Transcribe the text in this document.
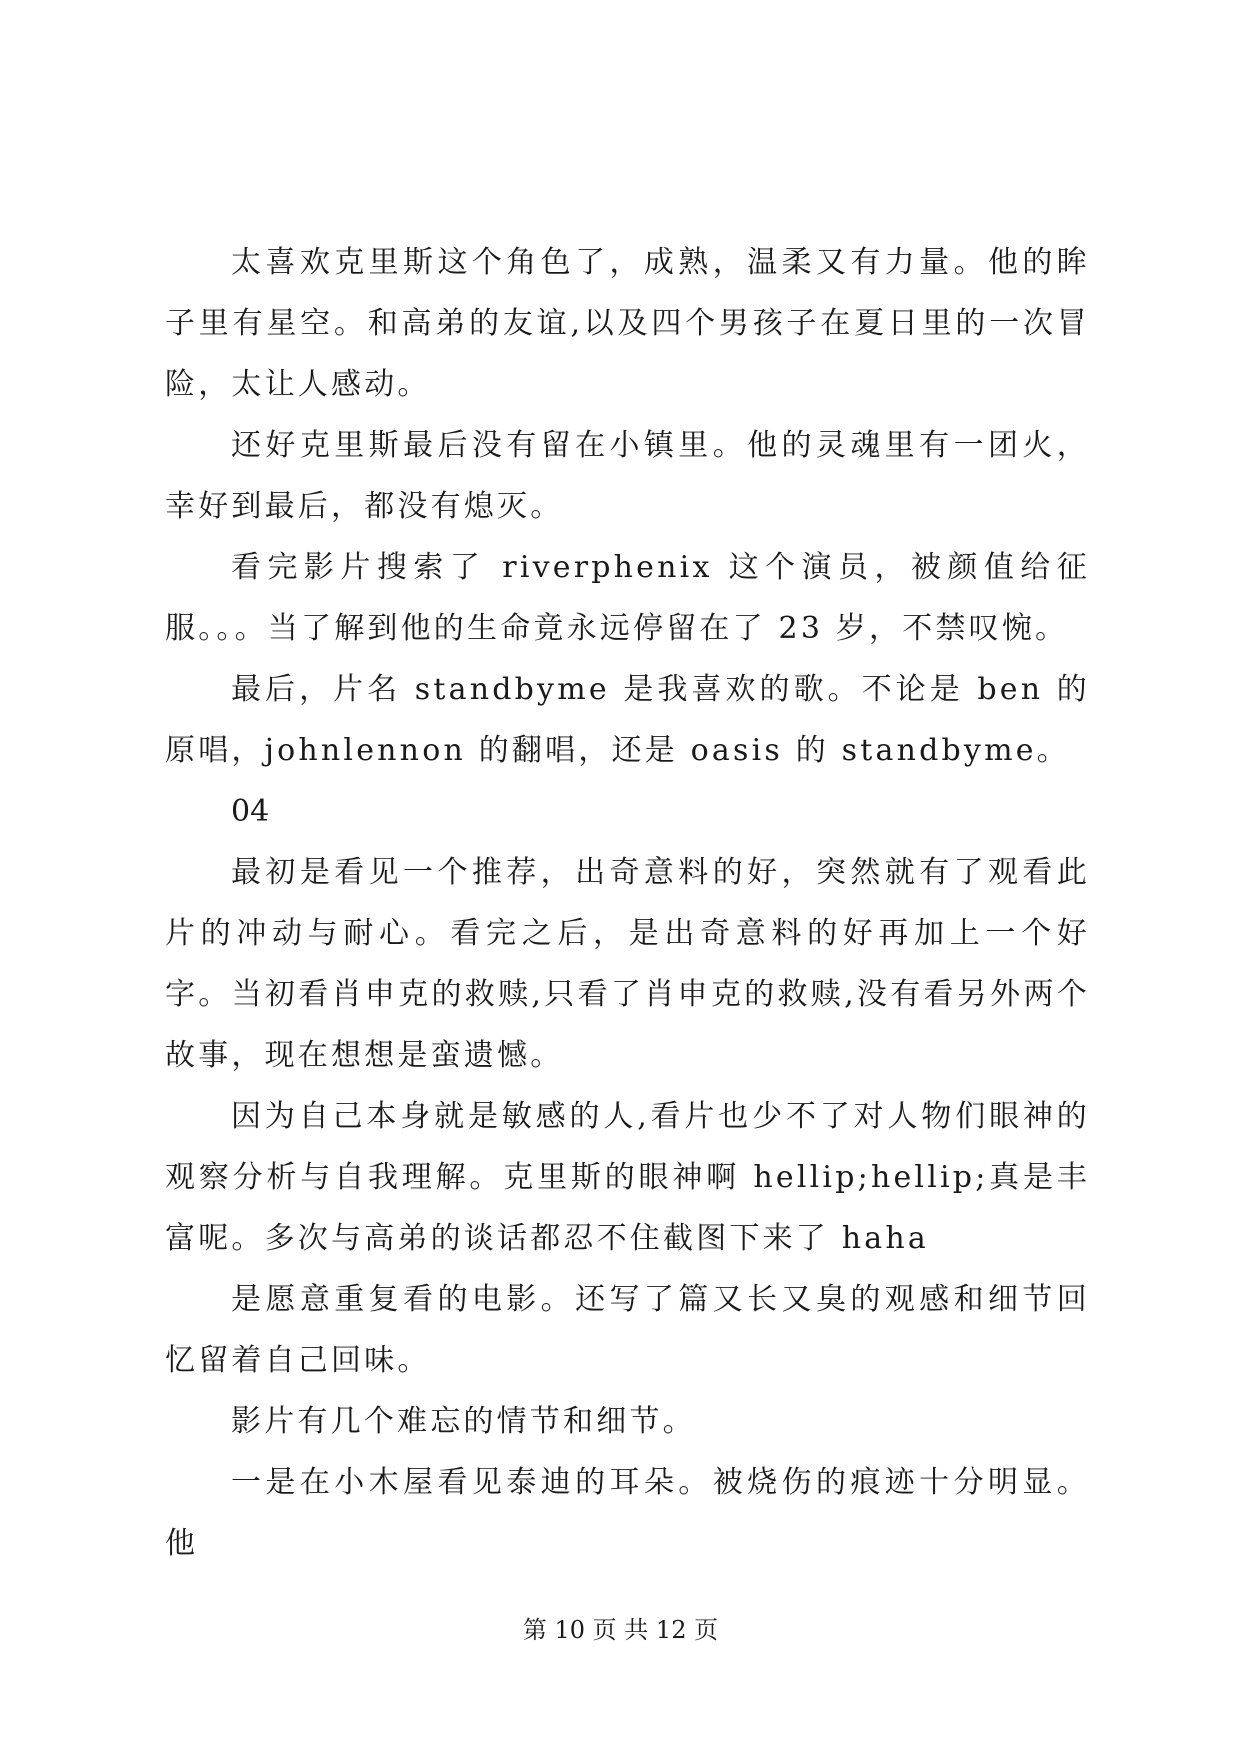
太喜欢克里斯这个角色了，成熟，温柔又有力量。他的眸子里有星空。和高弟的友谊,以及四个男孩子在夏日里的一次冒险，太让人感动。

还好克里斯最后没有留在小镇里。他的灵魂里有一团火，幸好到最后，都没有熄灭。

看完影片搜索了 riverphenix 这个演员，被颜值给征服。。。当了解到他的生命竟永远停留在了 23 岁，不禁叹惋。

最后，片名 standbyme 是我喜欢的歌。不论是 ben 的原唱，johnlennon 的翻唱，还是 oasis 的 standbyme。

04

最初是看见一个推荐，出奇意料的好，突然就有了观看此片的冲动与耐心。看完之后，是出奇意料的好再加上一个好字。当初看肖申克的救赎,只看了肖申克的救赎,没有看另外两个故事，现在想想是蛮遗憾。

因为自己本身就是敏感的人,看片也少不了对人物们眼神的观察分析与自我理解。克里斯的眼神啊 hellip;hellip;真是丰富呢。多次与高弟的谈话都忍不住截图下来了 haha

是愿意重复看的电影。还写了篇又长又臭的观感和细节回忆留着自己回味。

影片有几个难忘的情节和细节。

一是在小木屋看见泰迪的耳朵。被烧伤的痕迹十分明显。他

第 10 页 共 12 页
